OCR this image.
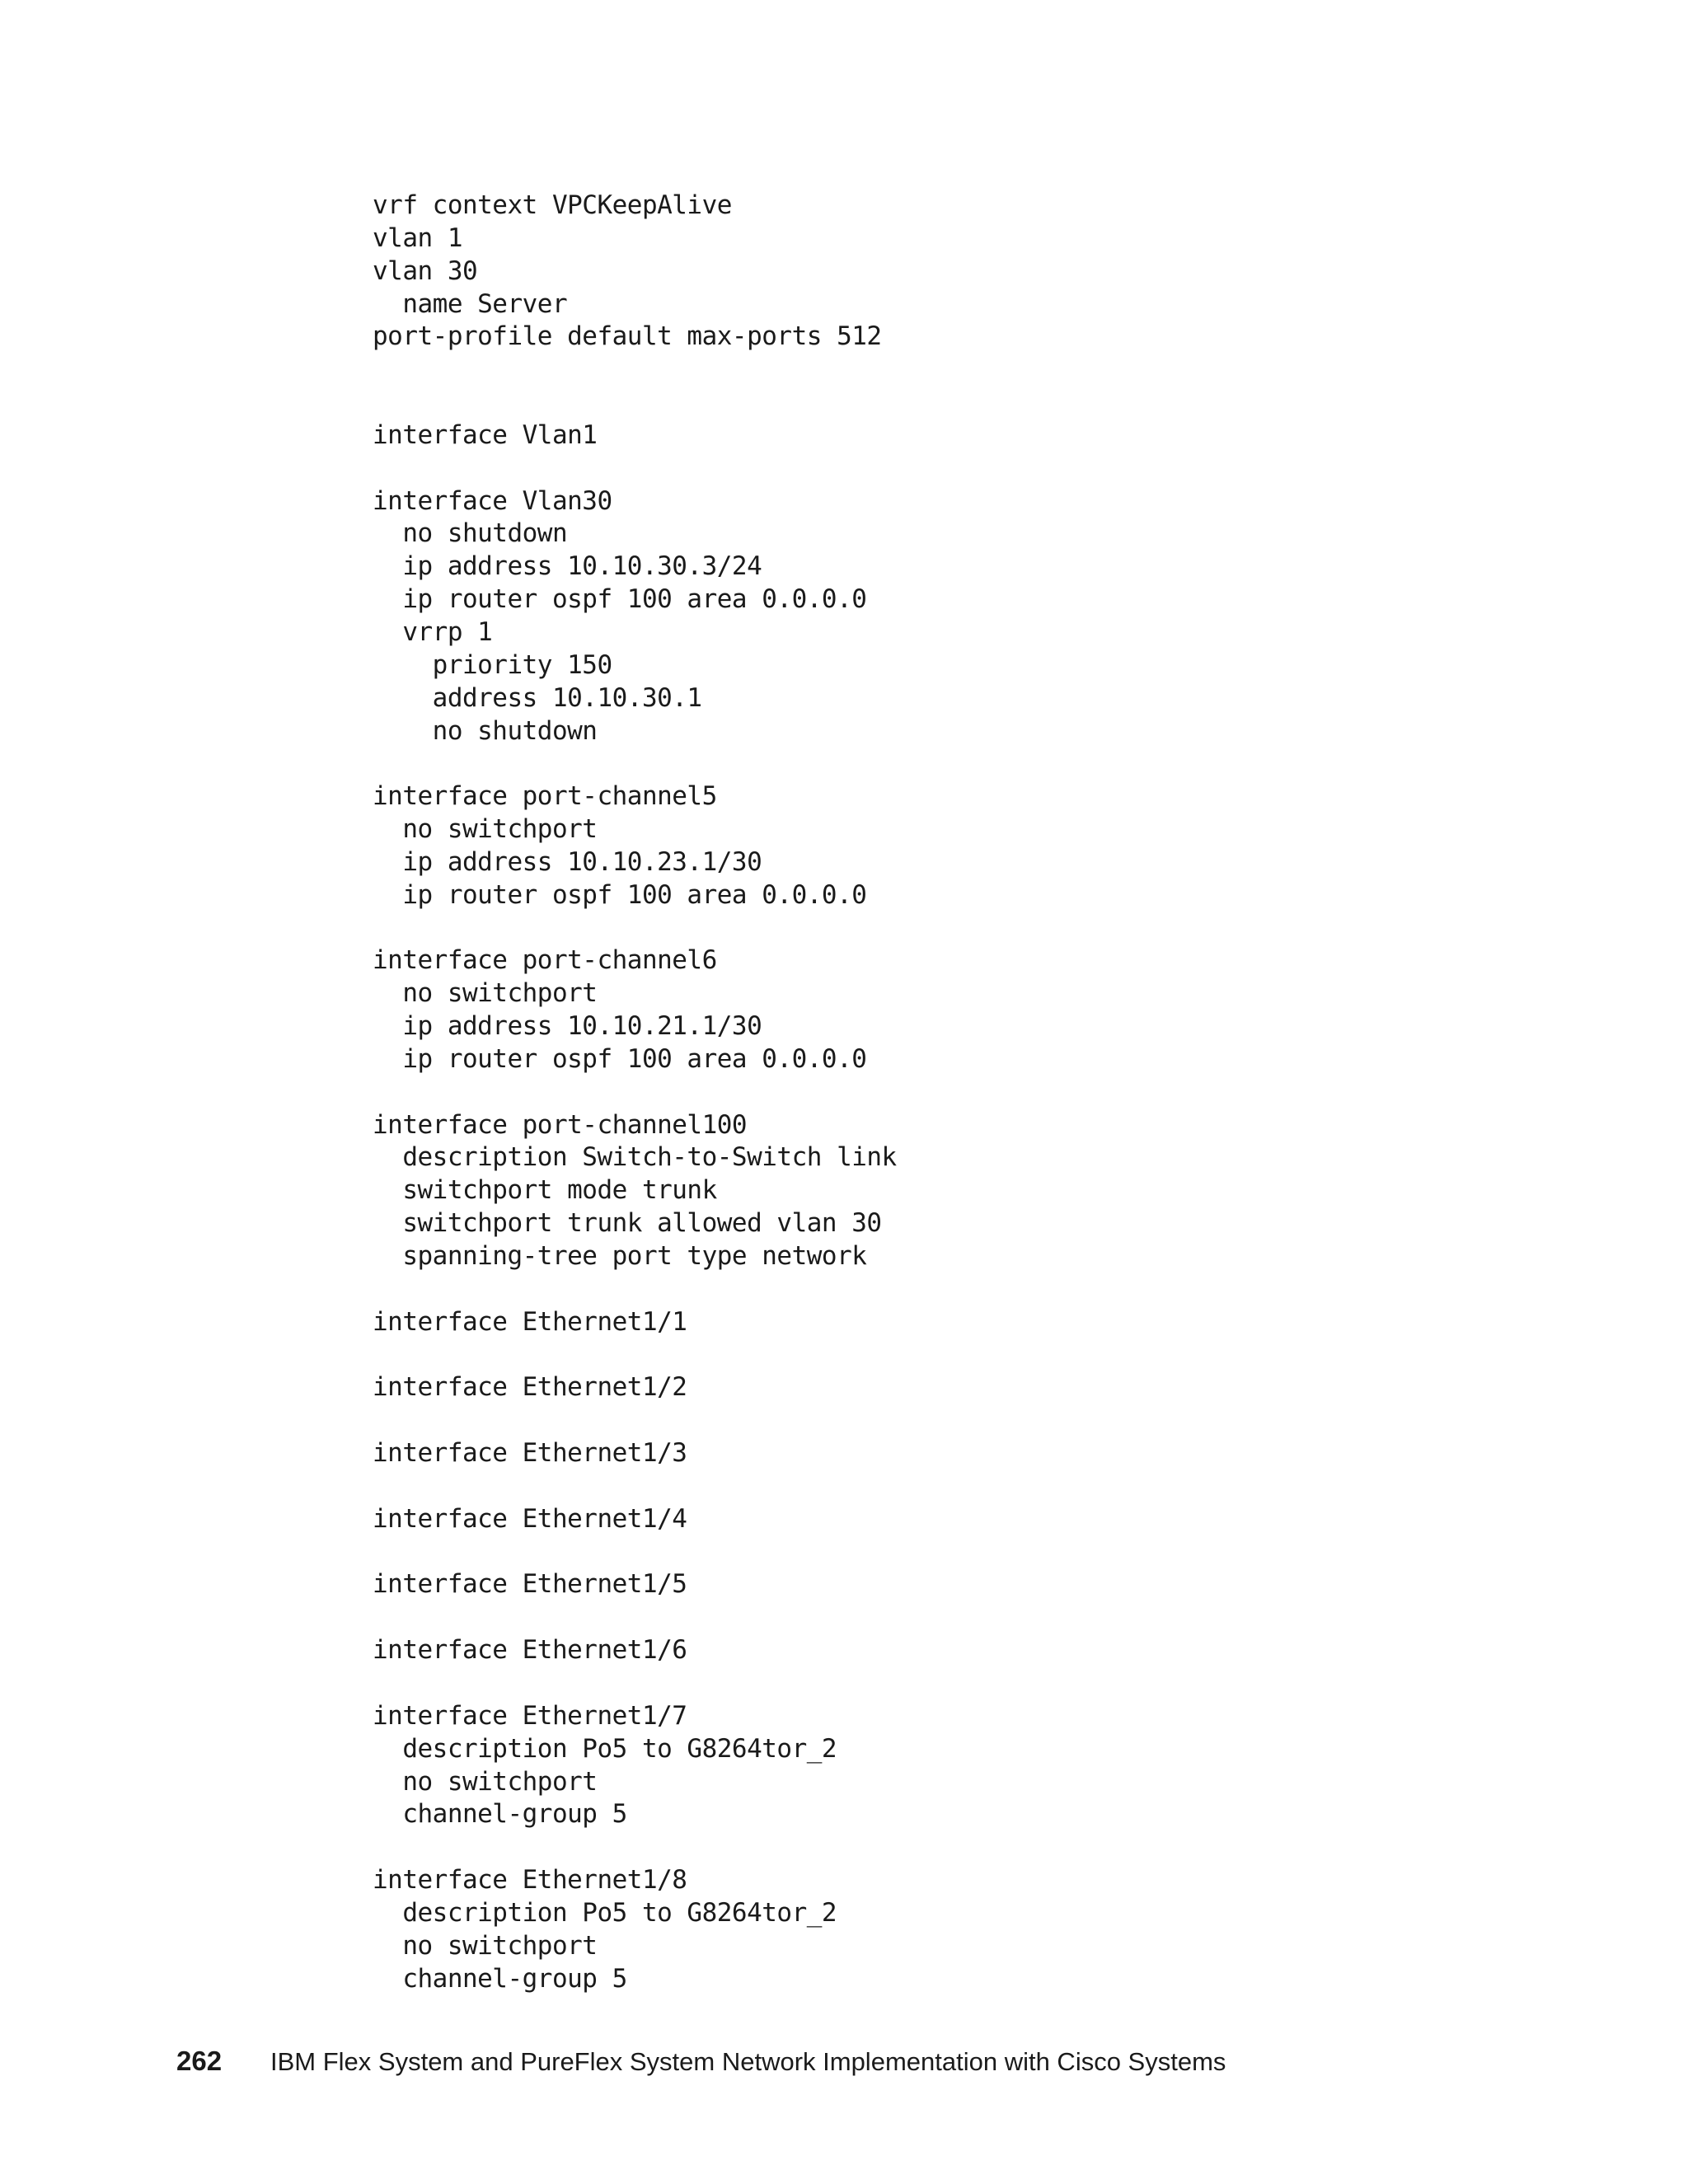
vrf context VPCKeepAlive
vlan 1
vlan 30
name Server
port-profile default max-ports 512
interface Vlan1
interface Vlan30
no shutdown
ip address 10.10.30.3/24
ip router ospf 100 area 0.0.0.0
vrrp 1
priority 150
address 10.10.30.1
no shutdown
interface port-channel5
no switchport
ip address 10.10.23.1/30
ip router ospf 100 area 0.0.0.0
interface port-channel6
no switchport
ip address 10.10.21.1/30
ip router ospf 100 area 0.0.0.0
interface port-channel100
description Switch-to-Switch link
switchport mode trunk
switchport trunk allowed vlan 30
spanning-tree port type network
interface Ethernet1/1
interface Ethernet1/2
interface Ethernet1/3
interface Ethernet1/4
interface Ethernet1/5
interface Ethernet1/6
interface Ethernet1/7
description Po5 to G8264tor_2
no switchport
channel-group 5
interface Ethernet1/8
description Po5 to G8264tor_2
no switchport
channel-group 5
262 IBM Flex System and PureFlex System Network Implementation with Cisco Systems
